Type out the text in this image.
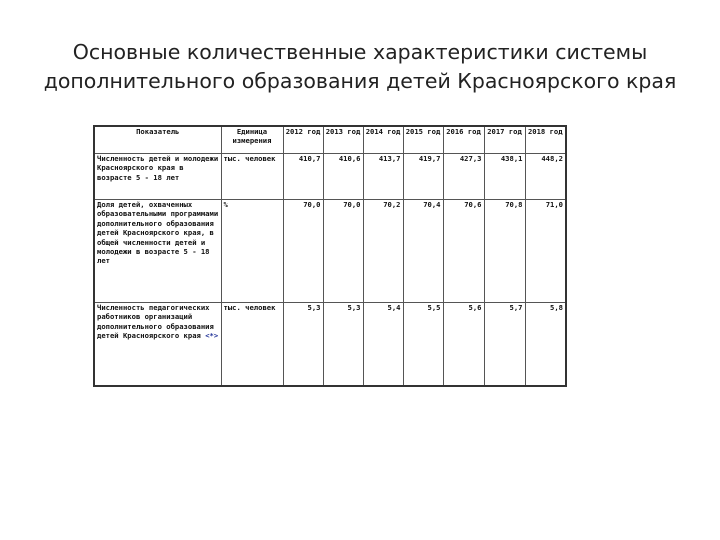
Основные количественные характеристики системы
дополнительного образования детей Красноярского края
Показатель	Единица измерения	2012 год	2013 год	2014 год	2015 год	2016 год	2017 год	2018 год
Численность детей и молодежи Красноярского края в возрасте 5 - 18 лет	тыс. человек	410,7	410,6	413,7	419,7	427,3	438,1	448,2
Доля детей, охваченных образовательными программами дополнительного образования детей Красноярского края, в общей численности детей и молодежи в возрасте 5 - 18 лет	%	70,0	70,0	70,2	70,4	70,6	70,8	71,0
Численность педагогических работников организаций дополнительного образования детей Красноярского края <*>	тыс. человек	5,3	5,3	5,4	5,5	5,6	5,7	5,8
